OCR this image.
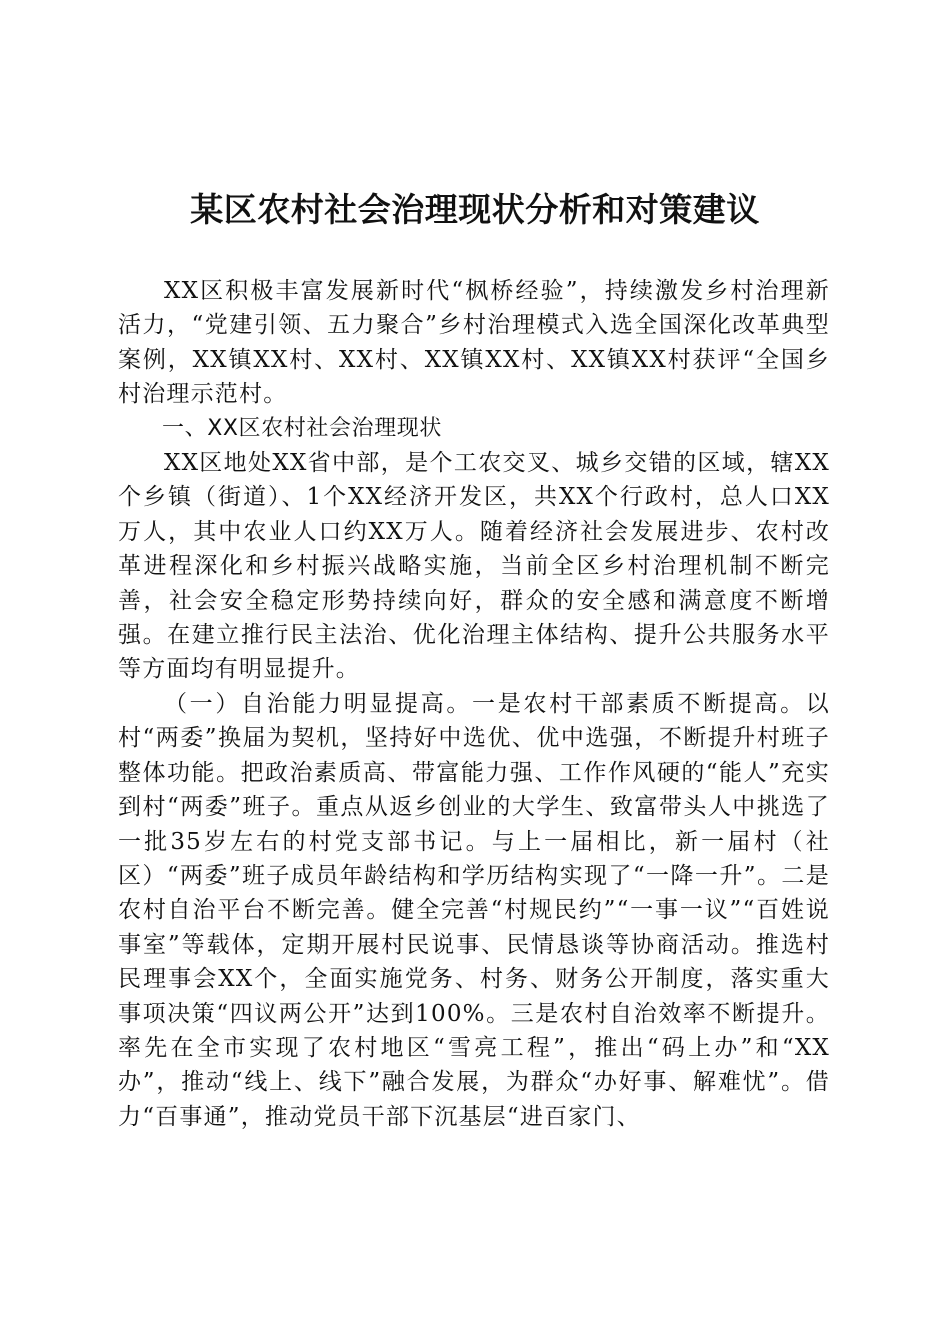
某区农村社会治理现状分析和对策建议

XX区积极丰富发展新时代“枫桥经验”，持续激发乡村治理新活力，“党建引领、五力聚合”乡村治理模式入选全国深化改革典型案例，XX镇XX村、XX村、XX镇XX村、XX镇XX村获评“全国乡村治理示范村。

一、XX区农村社会治理现状

XX区地处XX省中部，是个工农交叉、城乡交错的区域，辖XX个乡镇（街道）、1个XX经济开发区，共XX个行政村，总人口XX万人，其中农业人口约XX万人。随着经济社会发展进步、农村改革进程深化和乡村振兴战略实施，当前全区乡村治理机制不断完善，社会安全稳定形势持续向好，群众的安全感和满意度不断增强。在建立推行民主法治、优化治理主体结构、提升公共服务水平等方面均有明显提升。

（一）自治能力明显提高。一是农村干部素质不断提高。以村“两委”换届为契机，坚持好中选优、优中选强，不断提升村班子整体功能。把政治素质高、带富能力强、工作作风硬的“能人”充实到村“两委”班子。重点从返乡创业的大学生、致富带头人中挑选了一批35岁左右的村党支部书记。与上一届相比，新一届村（社区）“两委”班子成员年龄结构和学历结构实现了“一降一升”。二是农村自治平台不断完善。健全完善“村规民约”“一事一议”“百姓说事室”等载体，定期开展村民说事、民情恳谈等协商活动。推选村民理事会XX个，全面实施党务、村务、财务公开制度，落实重大事项决策“四议两公开”达到100%。三是农村自治效率不断提升。率先在全市实现了农村地区“雪亮工程”，推出“码上办”和“XX办”，推动“线上、线下”融合发展，为群众“办好事、解难忧”。借力“百事通”，推动党员干部下沉基层“进百家门、
